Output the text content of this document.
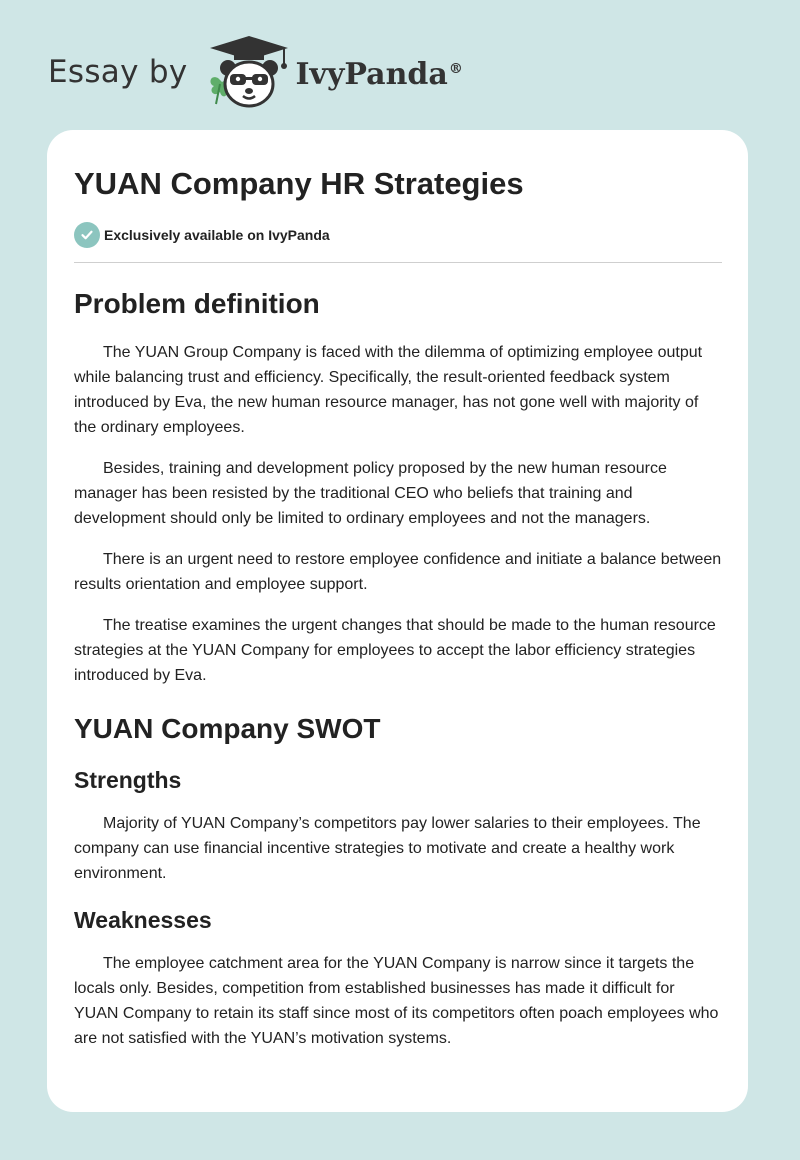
Essay by	IvyPanda®
YUAN Company HR Strategies
Exclusively available on IvyPanda
Problem definition

The YUAN Group Company is faced with the dilemma of optimizing employee output while balancing trust and efficiency. Specifically, the result-oriented feedback system introduced by Eva, the new human resource manager, has not gone well with majority of the ordinary employees.

Besides, training and development policy proposed by the new human resource manager has been resisted by the traditional CEO who beliefs that training and development should only be limited to ordinary employees and not the managers.

There is an urgent need to restore employee confidence and initiate a balance between results orientation and employee support.

The treatise examines the urgent changes that should be made to the human resource strategies at the YUAN Company for employees to accept the labor efficiency strategies introduced by Eva.

YUAN Company SWOT
Strengths

Majority of YUAN Company’s competitors pay lower salaries to their employees. The company can use financial incentive strategies to motivate and create a healthy work environment.

Weaknesses

The employee catchment area for the YUAN Company is narrow since it targets the locals only. Besides, competition from established businesses has made it difficult for YUAN Company to retain its staff since most of its competitors often poach employees who are not satisfied with the YUAN’s motivation systems.
